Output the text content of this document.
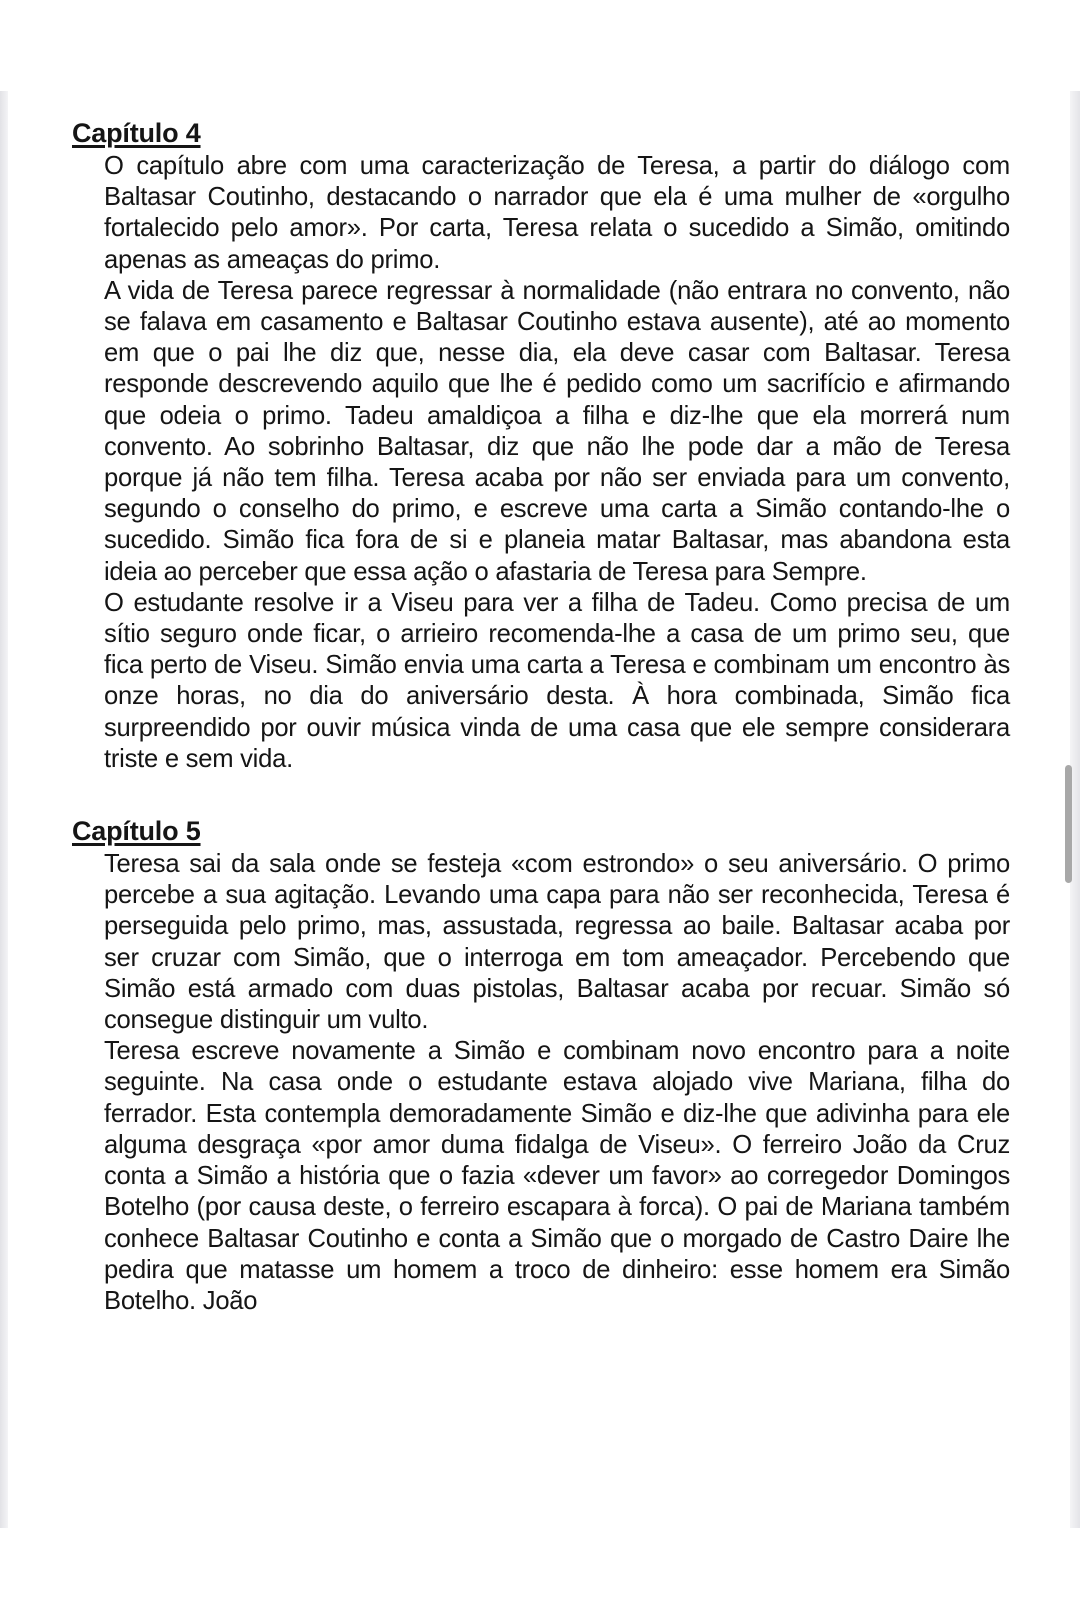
Capítulo 4

O capítulo abre com uma caracterização de Teresa, a partir do diálogo com Baltasar Coutinho, destacando o narrador que ela é uma mulher de «orgulho fortalecido pelo amor». Por carta, Teresa relata o sucedido a Simão, omitindo apenas as ameaças do primo.

A vida de Teresa parece regressar à normalidade (não entrara no convento, não se falava em casamento e Baltasar Coutinho estava ausente), até ao momento em que o pai lhe diz que, nesse dia, ela deve casar com Baltasar. Teresa responde descrevendo aquilo que lhe é pedido como um sacrifício e afirmando que odeia o primo. Tadeu amaldiçoa a filha e diz-lhe que ela morrerá num convento. Ao sobrinho Baltasar, diz que não lhe pode dar a mão de Teresa porque já não tem filha. Teresa acaba por não ser enviada para um convento, segundo o conselho do primo, e escreve uma carta a Simão contando-lhe o sucedido. Simão fica fora de si e planeia matar Baltasar, mas abandona esta ideia ao perceber que essa ação o afastaria de Teresa para Sempre.

O estudante resolve ir a Viseu para ver a filha de Tadeu. Como precisa de um sítio seguro onde ficar, o arrieiro recomenda-lhe a casa de um primo seu, que fica perto de Viseu. Simão envia uma carta a Teresa e combinam um encontro às onze horas, no dia do aniversário desta. À hora combinada, Simão fica surpreendido por ouvir música vinda de uma casa que ele sempre considerara triste e sem vida.

Capítulo 5

Teresa sai da sala onde se festeja «com estrondo» o seu aniversário. O primo percebe a sua agitação. Levando uma capa para não ser reconhecida, Teresa é perseguida pelo primo, mas, assustada, regressa ao baile. Baltasar acaba por ser cruzar com Simão, que o interroga em tom ameaçador. Percebendo que Simão está armado com duas pistolas, Baltasar acaba por recuar. Simão só consegue distinguir um vulto.

Teresa escreve novamente a Simão e combinam novo encontro para a noite seguinte. Na casa onde o estudante estava alojado vive Mariana, filha do ferrador. Esta contempla demoradamente Simão e diz-lhe que adivinha para ele alguma desgraça «por amor duma fidalga de Viseu». O ferreiro João da Cruz conta a Simão a história que o fazia «dever um favor» ao corregedor Domingos Botelho (por causa deste, o ferreiro escapara à forca). O pai de Mariana também conhece Baltasar Coutinho e conta a Simão que o morgado de Castro Daire lhe pedira que matasse um homem a troco de dinheiro: esse homem era Simão Botelho. João
